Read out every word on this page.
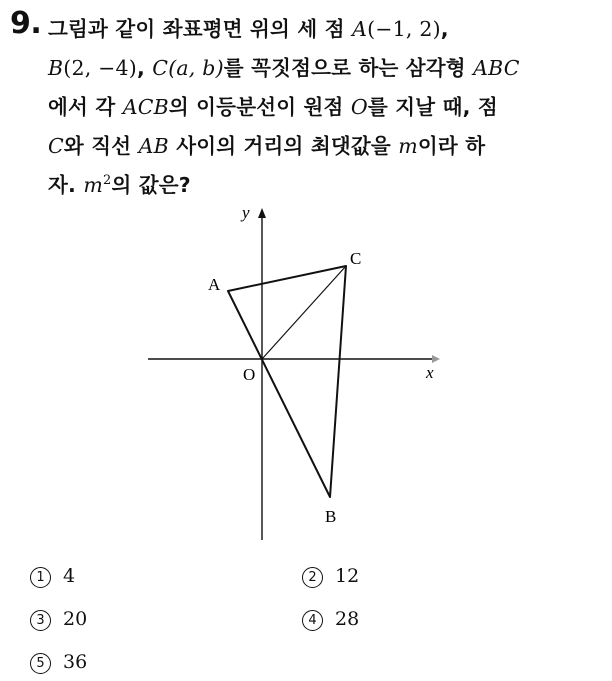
9. 그림과 같이 좌표평면 위의 세 점 A(−1, 2),
B(2, −4), C(a, b)를 꼭짓점으로 하는 삼각형 ABC
에서 각 ACB의 이등분선이 원점 O를 지날 때, 점
C와 직선 AB 사이의 거리의 최댓값을 m이라 하
자. $m^2$의 값은?
A
C
B
O	x
y
1 4	2 12
3 20	4 28
5 36
